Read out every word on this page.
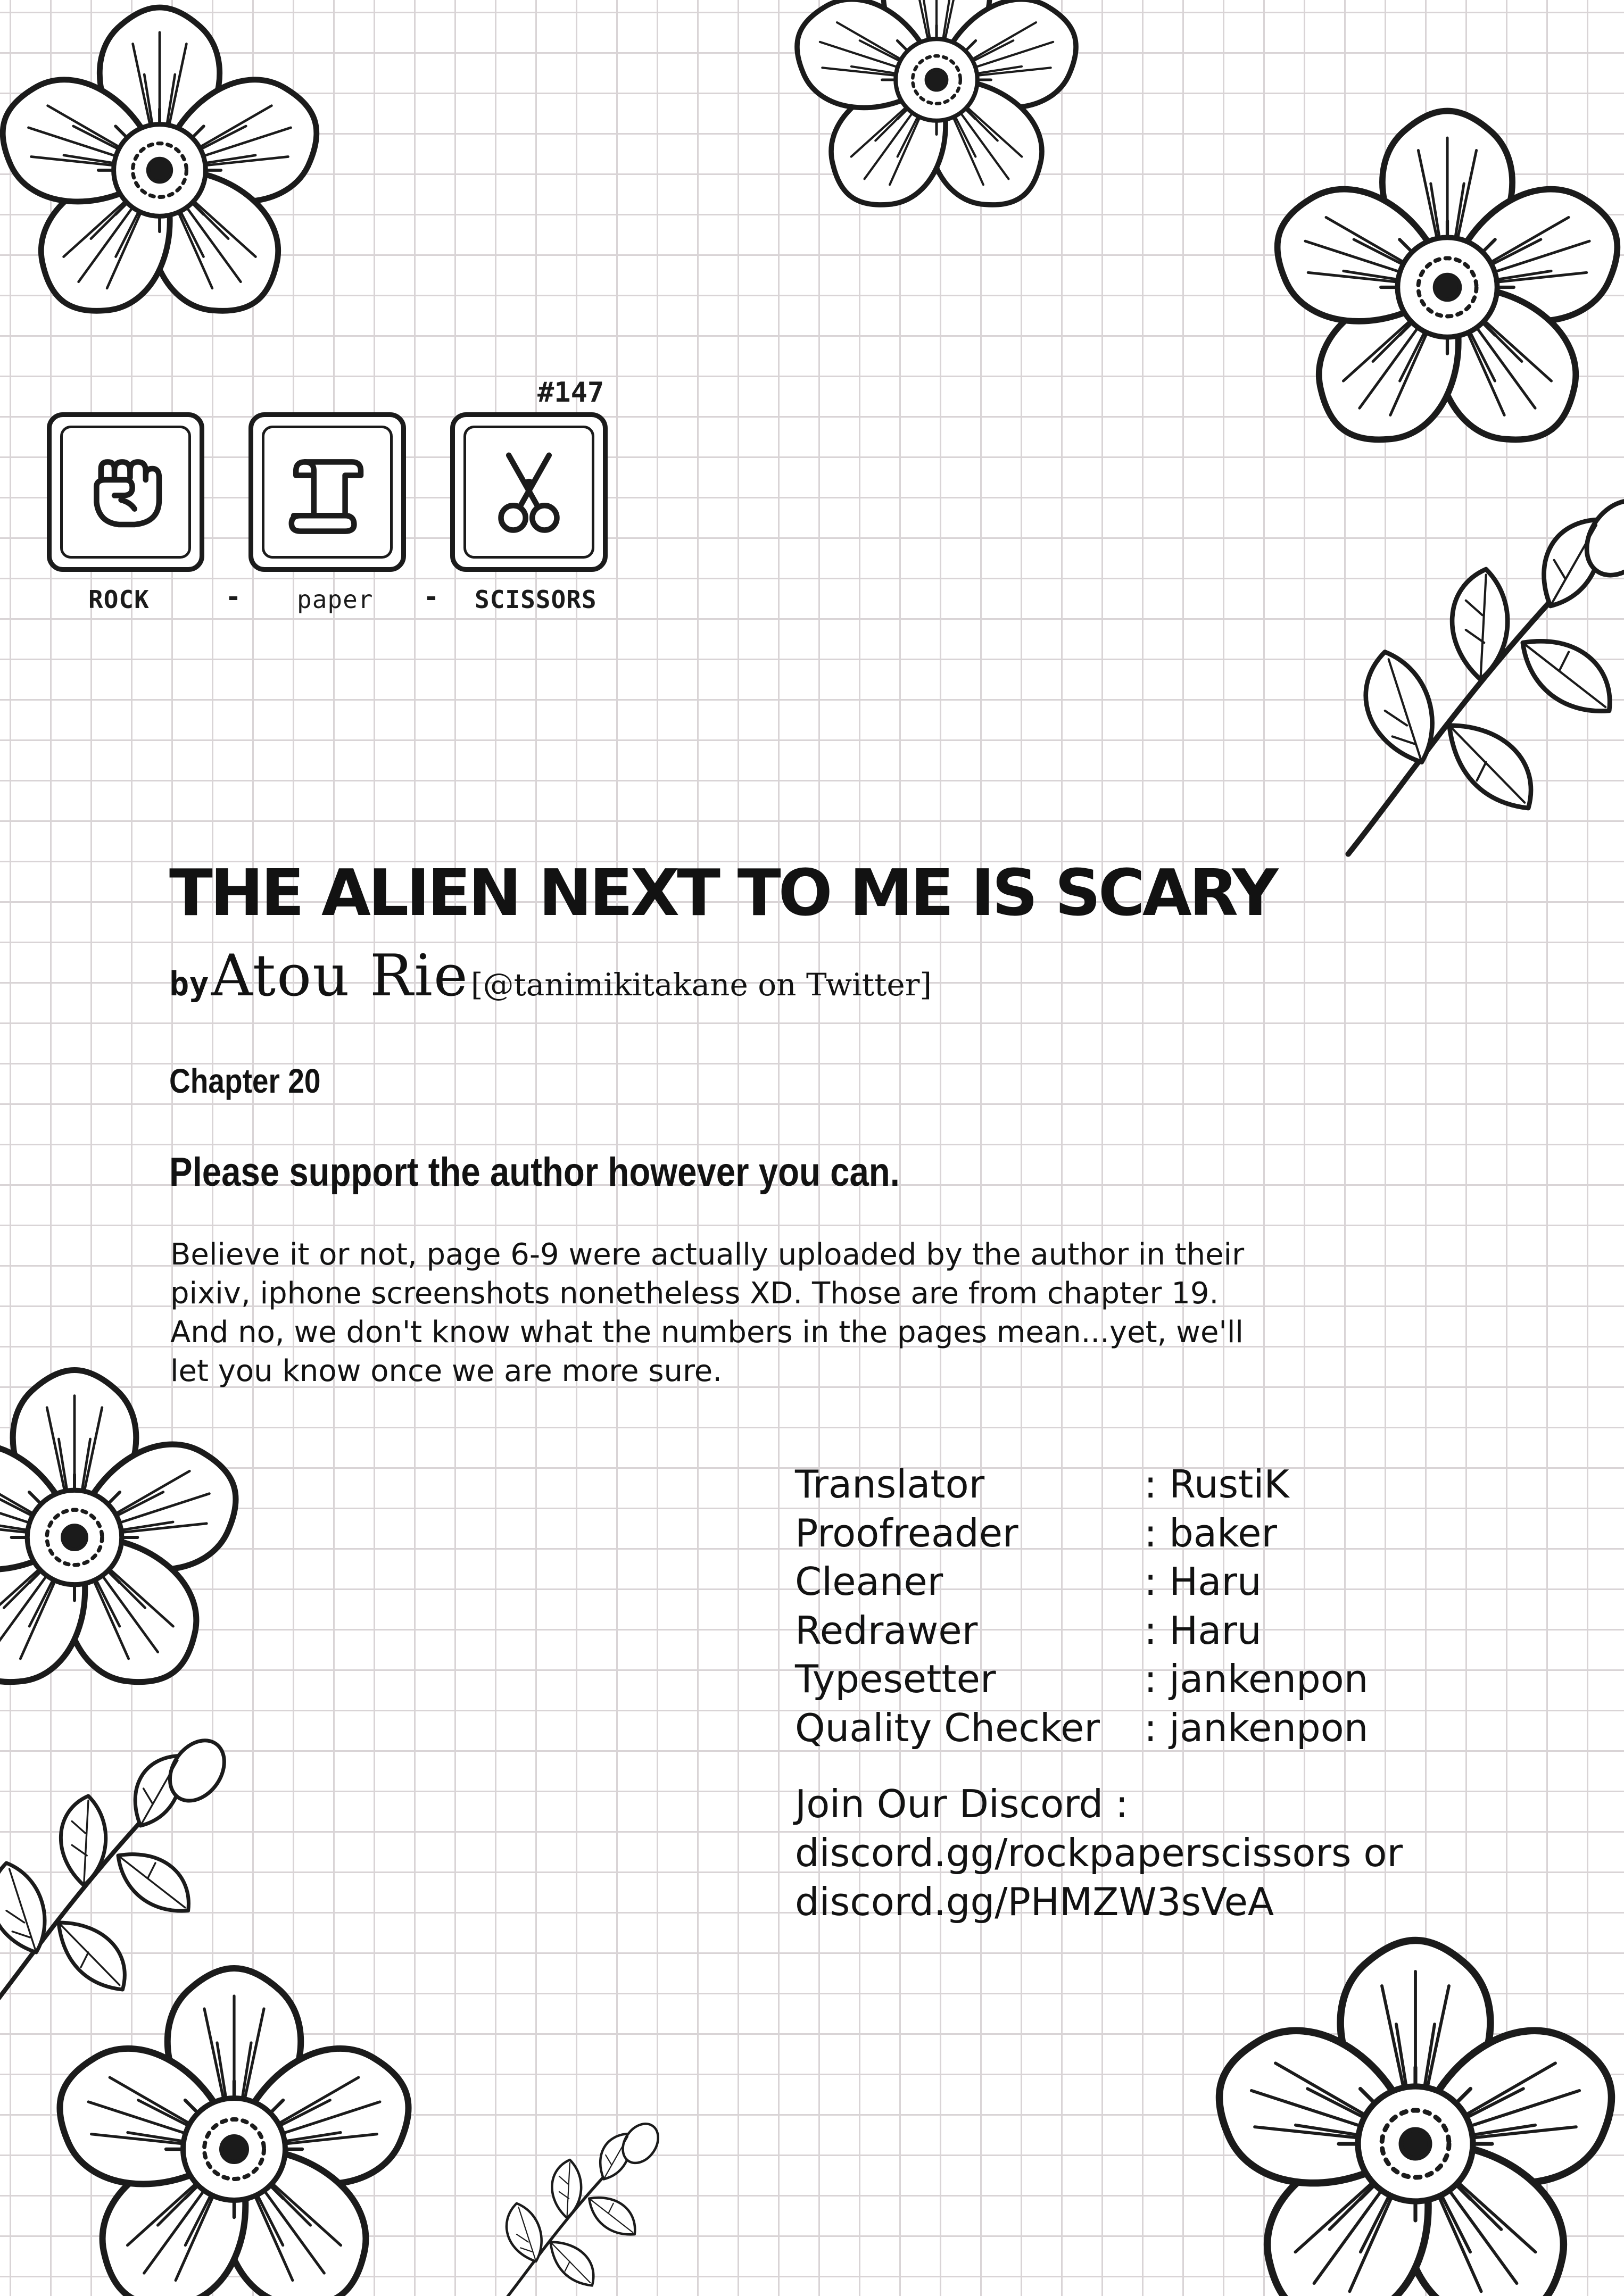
#147
ROCK	- paper - SCISSORS
THE ALIEN NEXT TO ME IS SCARY
by Atou Rie [@tanimikitakane on Twitter]
Chapter 20
Please support the author however you can.
Believe it or not, page 6-9 were actually uploaded by the author in their
pixiv, iphone screenshots nonetheless XD. Those are from chapter 19.
And no, we don't know what the numbers in the pages mean...yet, we'll
let you know once we are more sure.
Translator	: RustiK
Proofreader	: baker
Cleaner	: Haru
Redrawer	: Haru
Typesetter	: jankenpon
Quality Checker : jankenpon
Join Our Discord :
discord.gg/rockpaperscissors or
discord.gg/PHMZW3sVeA
